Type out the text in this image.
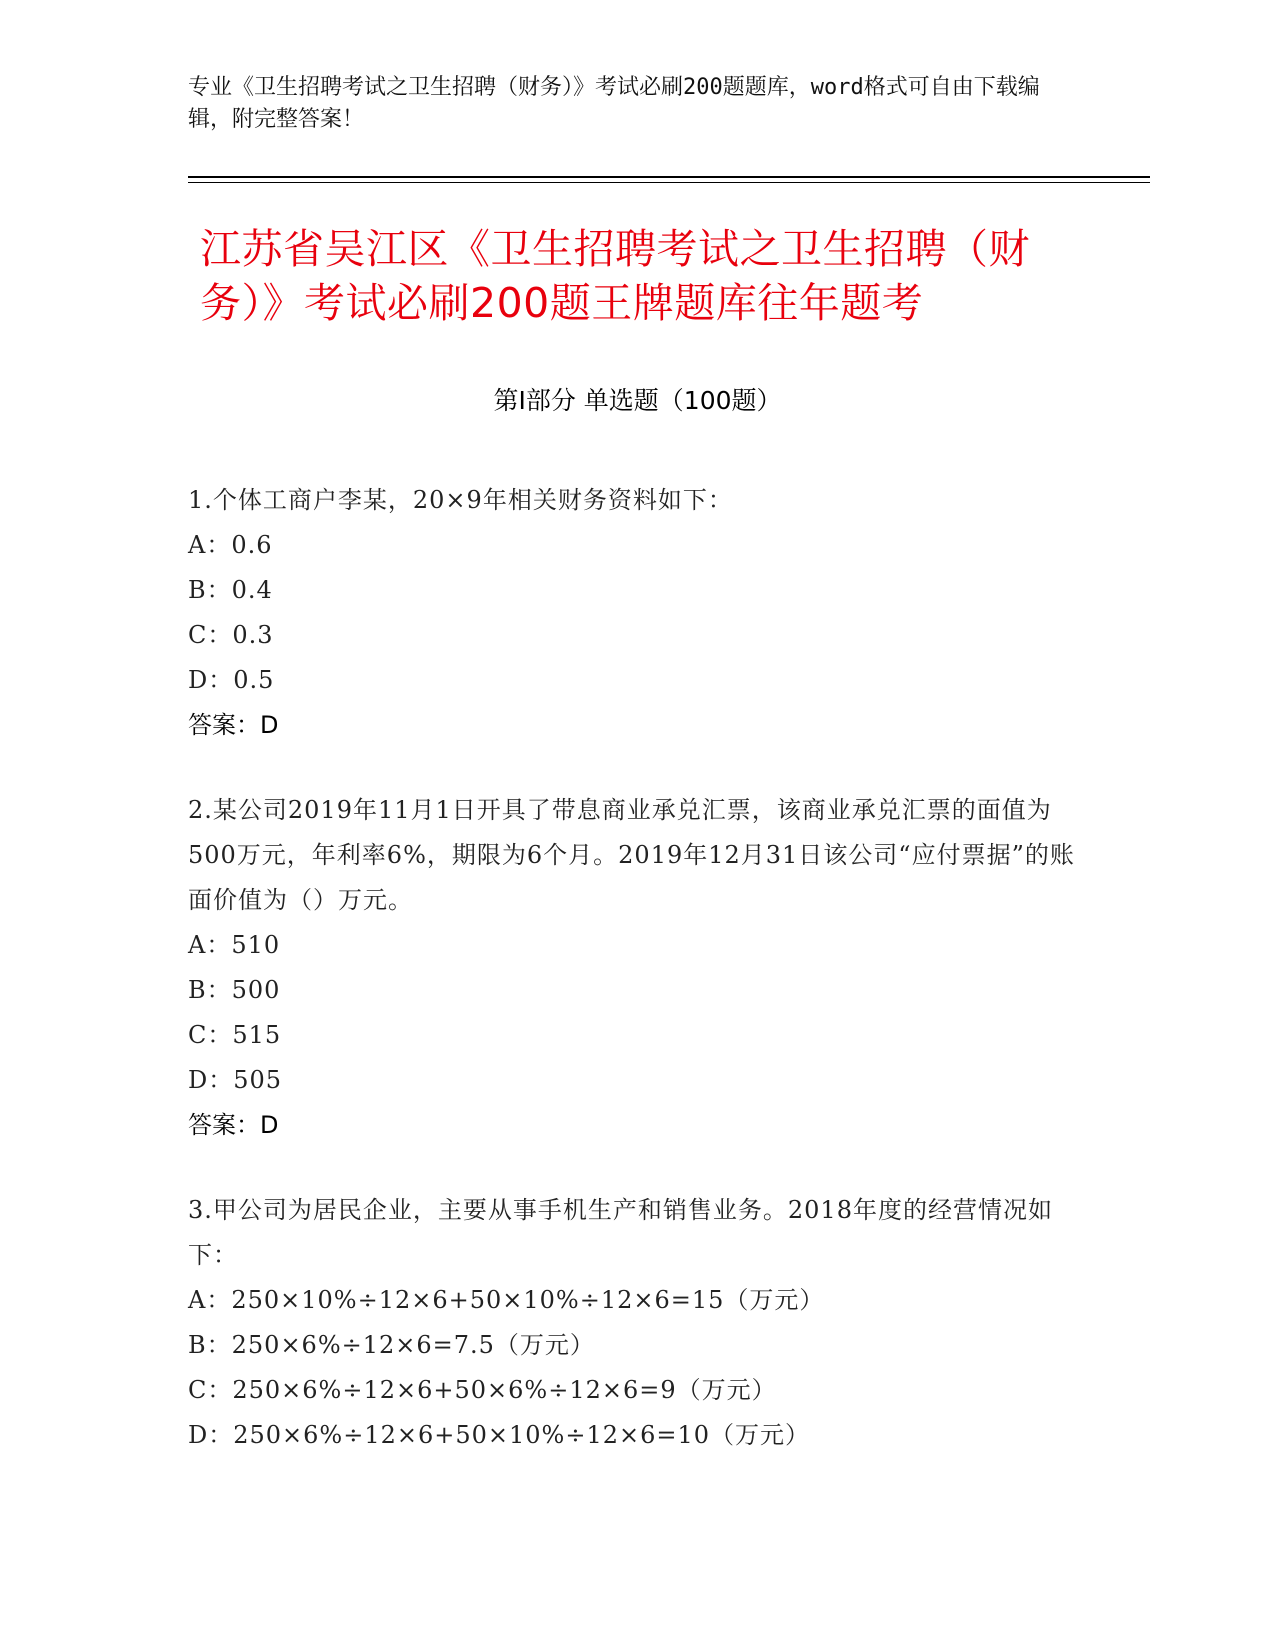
专业《卫生招聘考试之卫生招聘（财务）》考试必刷200题题库，word格式可自由下载编辑，附完整答案！
江苏省吴江区《卫生招聘考试之卫生招聘（财务）》考试必刷200题王牌题库往年题考
第I部分 单选题（100题）
1.个体工商户李某，20×9年相关财务资料如下：
A：0.6
B：0.4
C：0.3
D：0.5
答案：D
2.某公司2019年11月1日开具了带息商业承兑汇票，该商业承兑汇票的面值为500万元，年利率6%，期限为6个月。2019年12月31日该公司“应付票据”的账面价值为（）万元。
A：510
B：500
C：515
D：505
答案：D
3.甲公司为居民企业，主要从事手机生产和销售业务。2018年度的经营情况如下：
A：250×10%÷12×6+50×10%÷12×6=15（万元）
B：250×6%÷12×6=7.5（万元）
C：250×6%÷12×6+50×6%÷12×6=9（万元）
D：250×6%÷12×6+50×10%÷12×6=10（万元）
